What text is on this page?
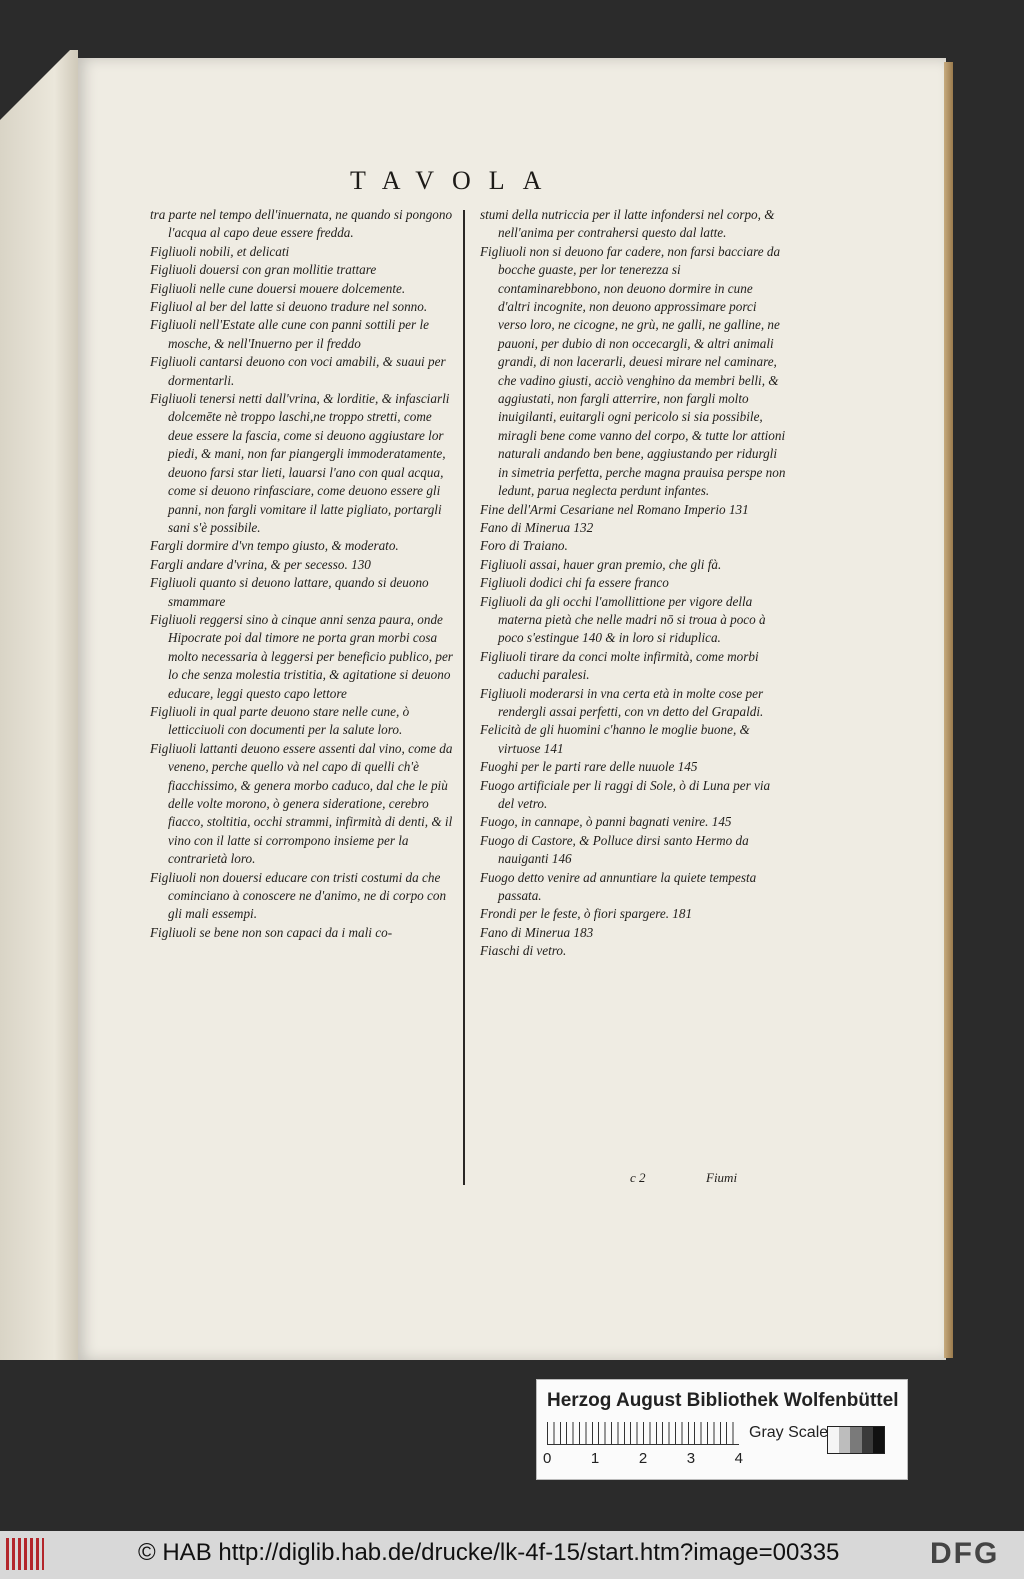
TAVOLA

tra parte nel tempo dell'inuernata, ne quando si pongono l'acqua al capo deue essere fredda.

Figliuoli nobili, et delicati

Figliuoli douersi con gran mollitie trattare

Figliuoli nelle cune douersi mouere dolcemente.

Figliuol al ber del latte si deuono tradure nel sonno.

Figliuoli nell'Estate alle cune con panni sottili per le mosche, & nell'Inuerno per il freddo

Figliuoli cantarsi deuono con voci amabili, & suaui per dormentarli.

Figliuoli tenersi netti dall'vrina, & lorditie, & infasciarli dolcemēte nè troppo laschi,ne troppo stretti, come deue essere la fascia, come si deuono aggiustare lor piedi, & mani, non far piangergli immoderatamente, deuono farsi star lieti, lauarsi l'ano con qual acqua, come si deuono rinfasciare, come deuono essere gli panni, non fargli vomitare il latte pigliato, portargli sani s'è possibile.

Fargli dormire d'vn tempo giusto, & moderato.

Fargli andare d'vrina, & per secesso. 130

Figliuoli quanto si deuono lattare, quando si deuono smammare

Figliuoli reggersi sino à cinque anni senza paura, onde Hipocrate poi dal timore ne porta gran morbi cosa molto necessaria à leggersi per beneficio publico, per lo che senza molestia tristitia, & agitatione si deuono educare, leggi questo capo lettore

Figliuoli in qual parte deuono stare nelle cune, ò letticciuoli con documenti per la salute loro.

Figliuoli lattanti deuono essere assenti dal vino, come da veneno, perche quello và nel capo di quelli ch'è fiacchissimo, & genera morbo caduco, dal che le più delle volte morono, ò genera sideratione, cerebro fiacco, stoltitia, occhi strammi, infirmità di denti, & il vino con il latte si corrompono insieme per la contrarietà loro.

Figliuoli non douersi educare con tristi costumi da che cominciano à conoscere ne d'animo, ne di corpo con gli mali essempi.

Figliuoli se bene non son capaci da i mali co-

stumi della nutriccia per il latte infondersi nel corpo, & nell'anima per contrahersi questo dal latte.

Figliuoli non si deuono far cadere, non farsi bacciare da bocche guaste, per lor tenerezza si contaminarebbono, non deuono dormire in cune d'altri incognite, non deuono approssimare porci verso loro, ne cicogne, ne grù, ne galli, ne galline, ne pauoni, per dubio di non occecargli, & altri animali grandi, di non lacerarli, deuesi mirare nel caminare, che vadino giusti, acciò venghino da membri belli, & aggiustati, non fargli atterrire, non fargli molto inuigilanti, euitargli ogni pericolo si sia possibile, miragli bene come vanno del corpo, & tutte lor attioni naturali andando ben bene, aggiustando per ridurgli in simetria perfetta, perche magna prauisa perspe non ledunt, parua neglecta perdunt infantes.

Fine dell'Armi Cesariane nel Romano Imperio 131

Fano di Mineruа 132

Foro di Traiano.

Figliuoli assai, hauer gran premio, che gli fà.

Figliuoli dodici chi fa essere franco

Figliuoli da gli occhi l'amollittione per vigore della materna pietà che nelle madri nō si troua à poco à poco s'estingue 140 & in loro si riduplica.

Figliuoli tirare da conci molte infirmità, come morbi caduchi paralesi.

Figliuoli moderarsi in vna certa età in molte cose per rendergli assai perfetti, con vn detto del Grapaldi.

Felicità de gli huomini c'hanno le moglie buone, & virtuose 141

Fuoghi per le parti rare delle nuuole 145

Fuogo artificiale per li raggi di Sole, ò di Luna per via del vetro.

Fuogo, in cannape, ò panni bagnati venire. 145

Fuogo di Castore, & Polluce dirsi santo Hermo da nauiganti 146

Fuogo detto venire ad annuntiare la quiete tempesta passata.

Frondi per le feste, ò fiori spargere. 181

Fano di Mineruа 183

Fiaschi di vetro.

c 2	Fiumi
Herzog August Bibliothek Wolfenbüttel
0	1	2	3	4
Gray Scale
© HAB http://diglib.hab.de/drucke/lk-4f-15/start.htm?image=00335	DFG
